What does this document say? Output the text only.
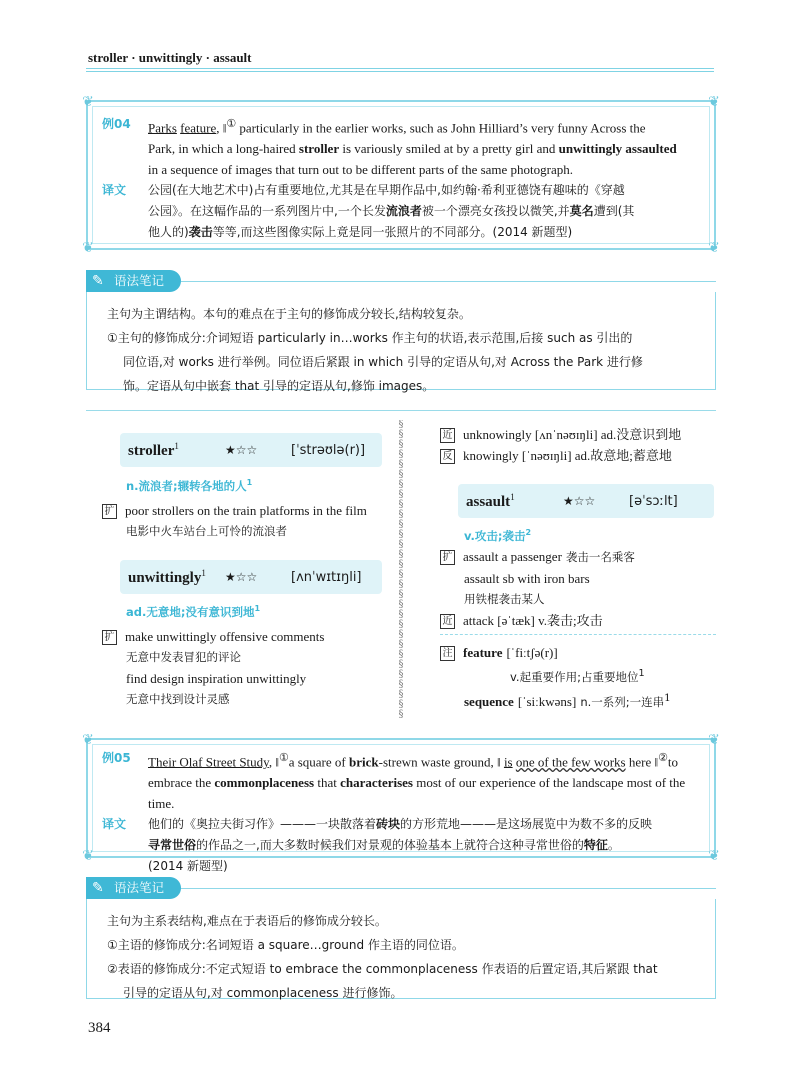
stroller · unwittingly · assault
❦	❦
❦	❦
例04	Parks feature, ‖① particularly in the earlier works, such as John Hilliard’s very funny Across the
Park, in which a long-haired stroller is variously smiled at by a pretty girl and unwittingly assaulted
in a sequence of images that turn out to be different parts of the same photograph.
译文	公园(在大地艺术中)占有重要地位,尤其是在早期作品中,如约翰·希利亚德饶有趣味的《穿越
公园》。在这幅作品的一系列图片中,一个长发流浪者被一个漂亮女孩投以微笑,并莫名遭到(其
他人的)袭击等等,而这些图像实际上竟是同一张照片的不同部分。(2014 新题型)
✎ 语法笔记

主句为主谓结构。本句的难点在于主句的修饰成分较长,结构较复杂。

①主句的修饰成分:介词短语 particularly in…works 作主句的状语,表示范围,后接 such as 引出的

同位语,对 works 进行举例。同位语后紧跟 in which 引导的定语从句,对 Across the Park 进行修

饰。定语从句中嵌套 that 引导的定语从句,修饰 images。

§
§
§
§
§
§
§
§
§
§
§
§
§
§
§
§
§
§
§
§
§
§
§
§
§
§
§
§
§
§
stroller$^1$	★☆☆	[ˈstrəʊlə(r)]
n.流浪者;辗转各地的人$^1$
扩 poor strollers on the train platforms in the film
电影中火车站台上可怜的流浪者
unwittingly$^1$	★☆☆	[ʌnˈwɪtɪŋli]
ad.无意地;没有意识到地$^1$
扩 make unwittingly offensive comments
无意中发表冒犯的评论
find design inspiration unwittingly
无意中找到设计灵感
近 unknowingly [ʌnˈnəʊɪŋli] ad.没意识到地
反 knowingly [ˈnəʊɪŋli] ad.故意地;蓄意地
assault$^1$	★☆☆	[əˈsɔːlt]
v.攻击;袭击$^2$
扩 assault a passenger 袭击一名乘客
assault sb with iron bars
用铁棍袭击某人
近 attack [əˈtæk] v.袭击;攻击
注 feature [ˈfiːtʃə(r)]
v.起重要作用;占重要地位$^1$
sequence [ˈsiːkwəns] n.一系列;一连串$^1$
❦	❦
❦	❦
例05	Their Olaf Street Study, ‖①a square of brick-strewn waste ground, ‖ is one of the few works here ‖②to
embrace the commonplaceness that characterises most of our experience of the landscape most of the time.
译文	他们的《奥拉夫街习作》———一块散落着砖块的方形荒地———是这场展览中为数不多的反映
寻常世俗的作品之一,而大多数时候我们对景观的体验基本上就符合这种寻常世俗的特征。
(2014 新题型)
✎ 语法笔记

主句为主系表结构,难点在于表语后的修饰成分较长。

①主语的修饰成分:名词短语 a square…ground 作主语的同位语。

②表语的修饰成分:不定式短语 to embrace the commonplaceness 作表语的后置定语,其后紧跟 that

引导的定语从句,对 commonplaceness 进行修饰。

384
